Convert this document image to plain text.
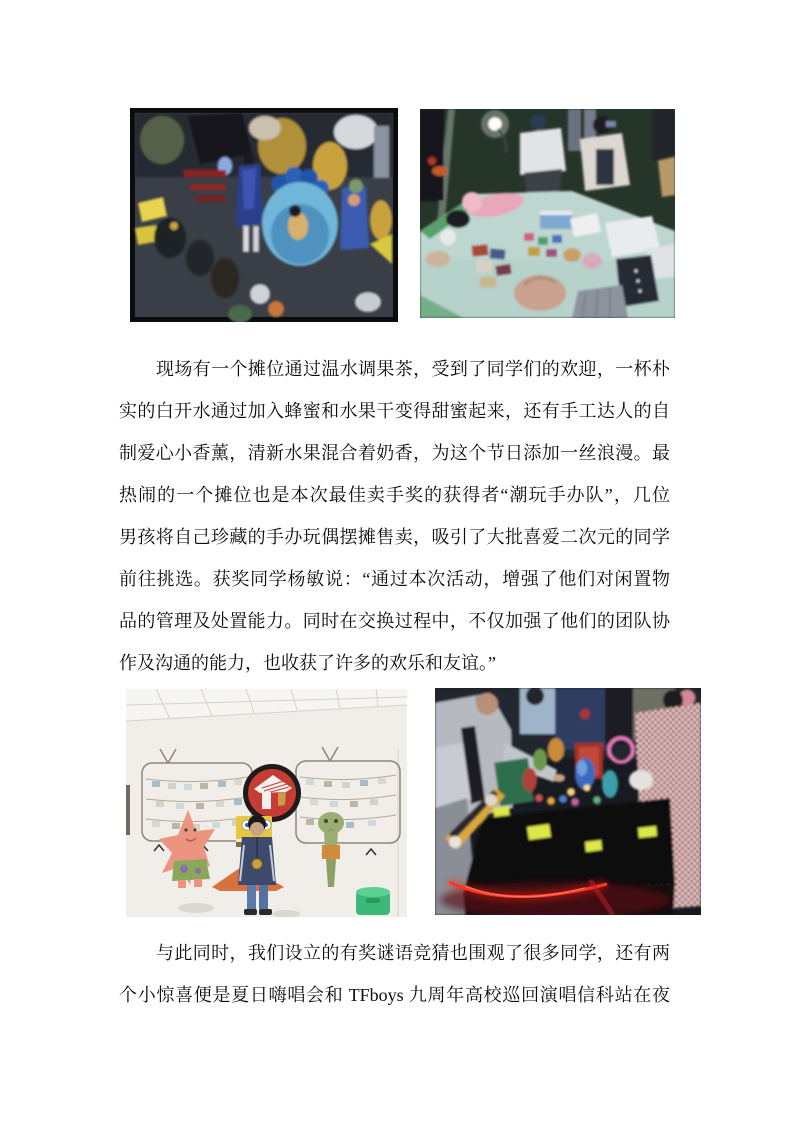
现场有一个摊位通过温水调果茶，受到了同学们的欢迎，一杯朴
实的白开水通过加入蜂蜜和水果干变得甜蜜起来，还有手工达人的自
制爱心小香薰，清新水果混合着奶香，为这个节日添加一丝浪漫。最
热闹的一个摊位也是本次最佳卖手奖的获得者“潮玩手办队”，几位
男孩将自己珍藏的手办玩偶摆摊售卖，吸引了大批喜爱二次元的同学
前往挑选。获奖同学杨敏说：“通过本次活动，增强了他们对闲置物
品的管理及处置能力。同时在交换过程中，不仅加强了他们的团队协
作及沟通的能力，也收获了许多的欢乐和友谊。”
与此同时，我们设立的有奖谜语竞猜也围观了很多同学，还有两
个小惊喜便是夏日嗨唱会和 TFboys 九周年高校巡回演唱信科站在夜
